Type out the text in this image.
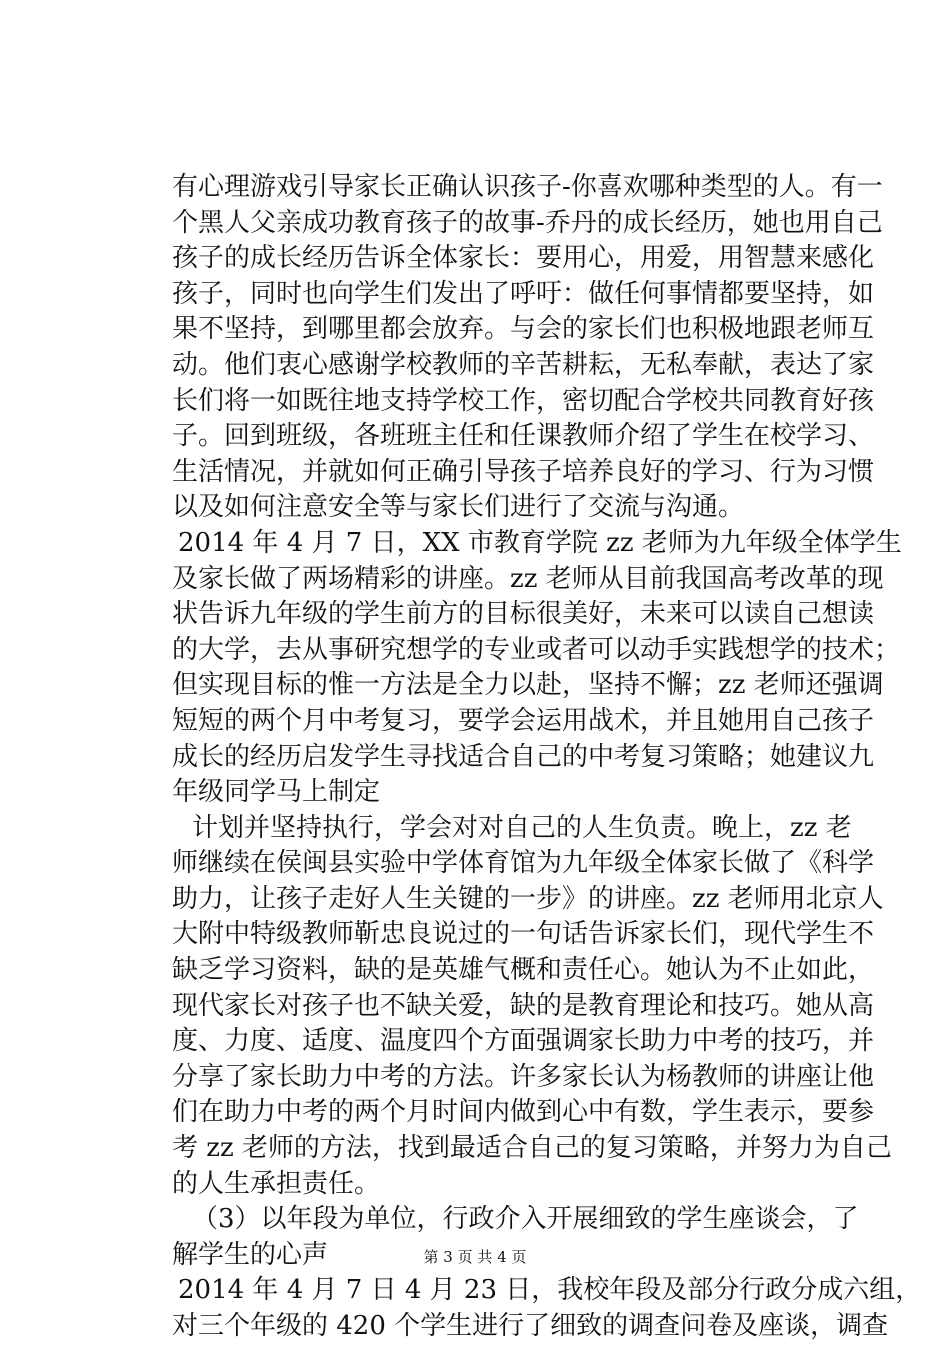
有心理游戏引导家长正确认识孩子-你喜欢哪种类型的人。有一
个黑人父亲成功教育孩子的故事-乔丹的成长经历，她也用自己
孩子的成长经历告诉全体家长：要用心，用爱，用智慧来感化
孩子，同时也向学生们发出了呼吁：做任何事情都要坚持，如
果不坚持，到哪里都会放弃。与会的家长们也积极地跟老师互
动。他们衷心感谢学校教师的辛苦耕耘，无私奉献，表达了家
长们将一如既往地支持学校工作，密切配合学校共同教育好孩
子。回到班级，各班班主任和任课教师介绍了学生在校学习、
生活情况，并就如何正确引导孩子培养良好的学习、行为习惯
以及如何注意安全等与家长们进行了交流与沟通。
2014 年 4 月 7 日，XX 市教育学院 zz 老师为九年级全体学生
及家长做了两场精彩的讲座。zz 老师从目前我国高考改革的现
状告诉九年级的学生前方的目标很美好，未来可以读自己想读
的大学，去从事研究想学的专业或者可以动手实践想学的技术；
但实现目标的惟一方法是全力以赴，坚持不懈；zz 老师还强调
短短的两个月中考复习，要学会运用战术，并且她用自己孩子
成长的经历启发学生寻找适合自己的中考复习策略；她建议九
年级同学马上制定
计划并坚持执行，学会对对自己的人生负责。晚上，zz 老
师继续在侯闽县实验中学体育馆为九年级全体家长做了《科学
助力，让孩子走好人生关键的一步》的讲座。zz 老师用北京人
大附中特级教师靳忠良说过的一句话告诉家长们，现代学生不
缺乏学习资料，缺的是英雄气概和责任心。她认为不止如此，
现代家长对孩子也不缺关爱，缺的是教育理论和技巧。她从高
度、力度、适度、温度四个方面强调家长助力中考的技巧，并
分享了家长助力中考的方法。许多家长认为杨教师的讲座让他
们在助力中考的两个月时间内做到心中有数，学生表示，要参
考 zz 老师的方法，找到最适合自己的复习策略，并努力为自己
的人生承担责任。
（3）以年段为单位，行政介入开展细致的学生座谈会，了
解学生的心声
2014 年 4 月 7 日 4 月 23 日，我校年段及部分行政分成六组，
对三个年级的 420 个学生进行了细致的调查问卷及座谈，调查
第 3 页 共 4 页
